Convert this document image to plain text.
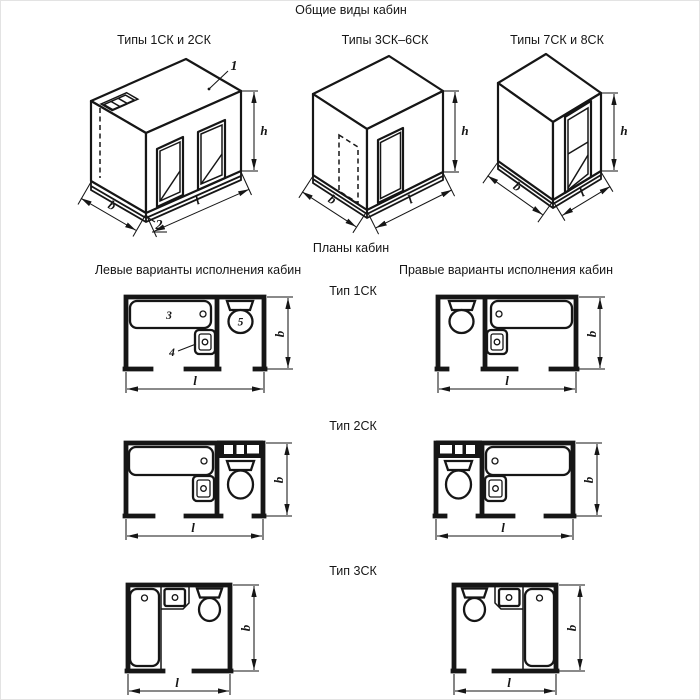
Общие виды кабин
Типы 1СК и 2СК	Типы 3СК–6СК	Типы 7СК и 8СК
Планы кабин
Левые варианты исполнения кабин	Правые варианты исполнения кабин
Тип 1СК
Тип 2СК
Тип 3СК
1
2
h
b	l
h
b	l
h
b	l
3
4
5
b
l
b
l
b
l
b
l
b
l
b
l
